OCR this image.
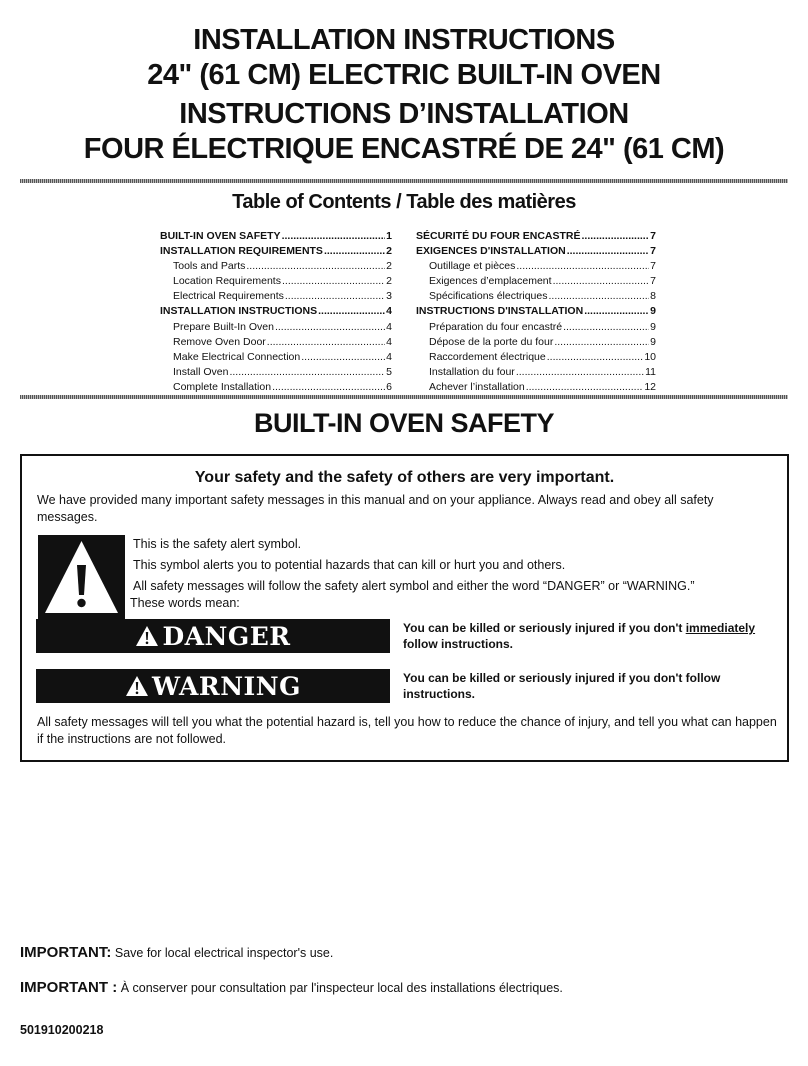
INSTALLATION INSTRUCTIONS
24" (61 CM) ELECTRIC BUILT-IN OVEN
INSTRUCTIONS D’INSTALLATION
FOUR ÉLECTRIQUE ENCASTRÉ DE 24" (61 CM)
Table of Contents / Table des matières
BUILT-IN OVEN SAFETY .....	1
INSTALLATION REQUIREMENTS .....	2
Tools and Parts .....	2
Location Requirements .....	2
Electrical Requirements .....	3
INSTALLATION INSTRUCTIONS .....	4
Prepare Built-In Oven .....	4
Remove Oven Door .....	4
Make Electrical Connection .....	4
Install Oven .....	5
Complete Installation .....	6
SÉCURITÉ DU FOUR ENCASTRÉ .....	7
EXIGENCES D'INSTALLATION .....	7
Outillage et pièces .....	7
Exigences d’emplacement .....	7
Spécifications électriques .....	8
INSTRUCTIONS D'INSTALLATION .....	9
Préparation du four encastré .....	9
Dépose de la porte du four .....	9
Raccordement électrique .....	10
Installation du four .....	11
Achever l’installation .....	12
BUILT-IN OVEN SAFETY
Your safety and the safety of others are very important.
We have provided many important safety messages in this manual and on your appliance. Always read and obey all safety messages.
This is the safety alert symbol.
This symbol alerts you to potential hazards that can kill or hurt you and others.
All safety messages will follow the safety alert symbol and either the word “DANGER” or “WARNING.”
These words mean:
DANGER	You can be killed or seriously injured if you don't immediately
follow instructions.
WARNING	You can be killed or seriously injured if you don't follow instructions.
All safety messages will tell you what the potential hazard is, tell you how to reduce the chance of injury, and tell you what can happen if the instructions are not followed.
IMPORTANT: Save for local electrical inspector's use.
IMPORTANT : À conserver pour consultation par l'inspecteur local des installations électriques.
501910200218
